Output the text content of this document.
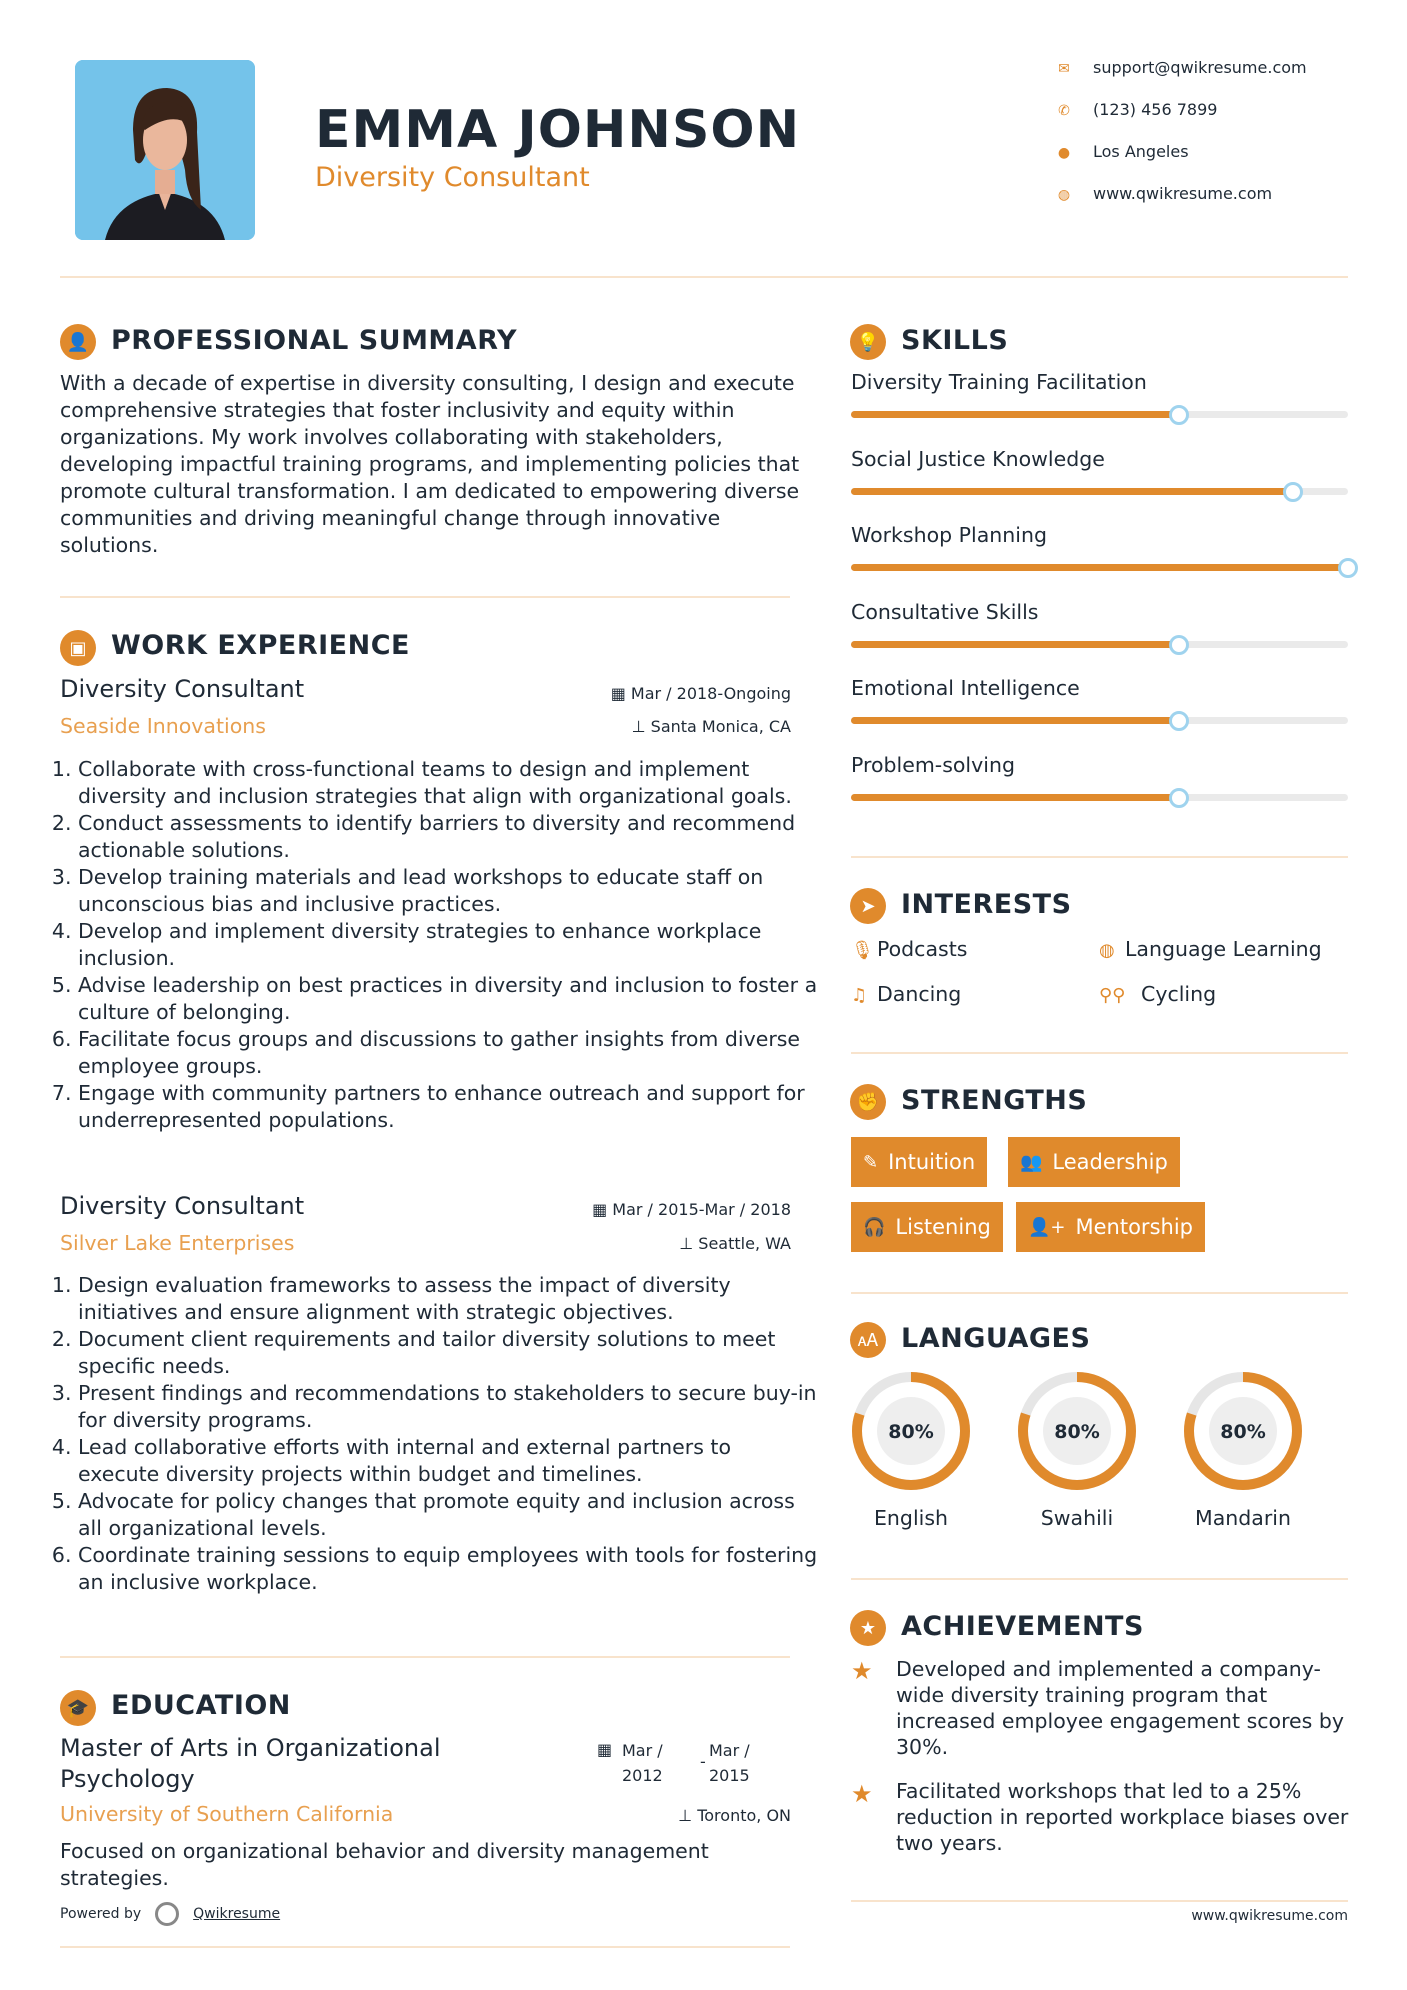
EMMA JOHNSON
Diversity Consultant
✉ support@qwikresume.com
✆ (123) 456 7899
● Los Angeles
◍ www.qwikresume.com
👤 PROFESSIONAL SUMMARY
With a decade of expertise in diversity consulting, I design and execute comprehensive strategies that foster inclusivity and equity within organizations. My work involves collaborating with stakeholders, developing impactful training programs, and implementing policies that promote cultural transformation. I am dedicated to empowering diverse communities and driving meaningful change through innovative solutions.
▣ WORK EXPERIENCE
Diversity Consultant	▦ Mar / 2018-Ongoing
Seaside Innovations	⊥ Santa Monica, CA
1. Collaborate with cross-functional teams to design and implement diversity and inclusion strategies that align with organizational goals.
2. Conduct assessments to identify barriers to diversity and recommend actionable solutions.
3. Develop training materials and lead workshops to educate staff on unconscious bias and inclusive practices.
4. Develop and implement diversity strategies to enhance workplace inclusion.
5. Advise leadership on best practices in diversity and inclusion to foster a culture of belonging.
6. Facilitate focus groups and discussions to gather insights from diverse employee groups.
7. Engage with community partners to enhance outreach and support for underrepresented populations.
Diversity Consultant	▦ Mar / 2015-Mar / 2018
Silver Lake Enterprises	⊥ Seattle, WA
1. Design evaluation frameworks to assess the impact of diversity initiatives and ensure alignment with strategic objectives.
2. Document client requirements and tailor diversity solutions to meet specific needs.
3. Present findings and recommendations to stakeholders to secure buy-in for diversity programs.
4. Lead collaborative efforts with internal and external partners to execute diversity projects within budget and timelines.
5. Advocate for policy changes that promote equity and inclusion across all organizational levels.
6. Coordinate training sessions to equip employees with tools for fostering an inclusive workplace.
🎓 EDUCATION
Master of Arts in Organizational Psychology
▦ Mar / 2012
-
Mar / 2015
University of Southern California	⊥ Toronto, ON
Focused on organizational behavior and diversity management strategies.
Powered by	Qwikresume
💡 SKILLS
Diversity Training Facilitation
Social Justice Knowledge
Workshop Planning
Consultative Skills
Emotional Intelligence
Problem-solving
➤ INTERESTS
🎙 Podcasts	◍ Language Learning
♫ Dancing	⚲⚲ Cycling
✊ STRENGTHS
✎ Intuition 👥 Leadership
🎧 Listening 👤+ Mentorship
🗚 LANGUAGES
80%
English
80%
Swahili
80%
Mandarin
★ ACHIEVEMENTS
★ Developed and implemented a company-wide diversity training program that increased employee engagement scores by 30%.
★ Facilitated workshops that led to a 25% reduction in reported workplace biases over two years.
www.qwikresume.com
